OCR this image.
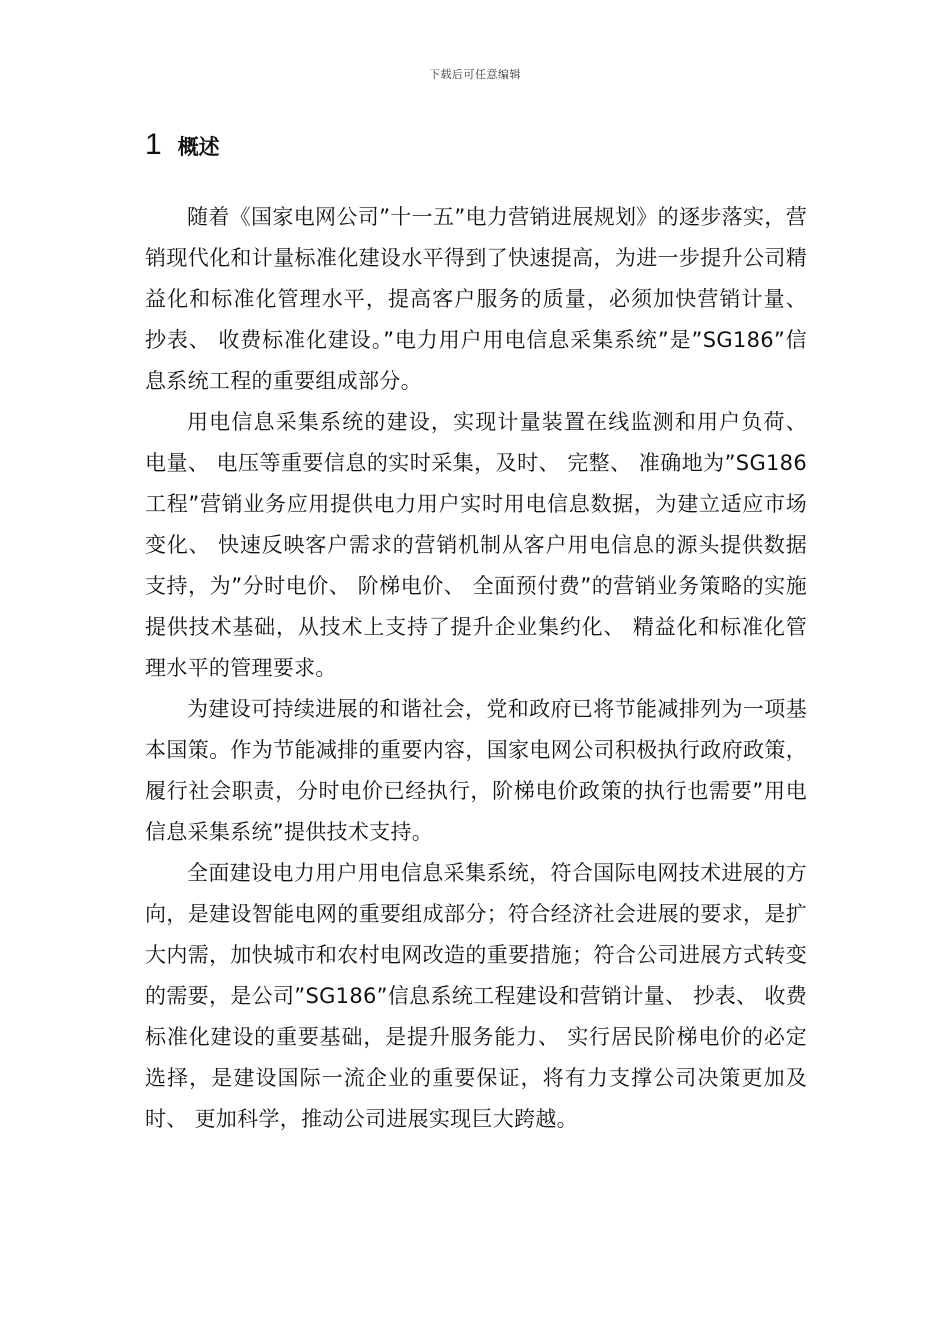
下载后可任意编辑
1 概述

随着《国家电网公司”十一五”电力营销进展规划》的逐步落实，营销现代化和计量标准化建设水平得到了快速提高，为进一步提升公司精益化和标准化管理水平，提高客户服务的质量，必须加快营销计量、 抄表、 收费标准化建设。”电力用户用电信息采集系统”是”SG186”信息系统工程的重要组成部分。

用电信息采集系统的建设，实现计量装置在线监测和用户负荷、 电量、 电压等重要信息的实时采集，及时、 完整、 准确地为”SG186工程”营销业务应用提供电力用户实时用电信息数据，为建立适应市场变化、 快速反映客户需求的营销机制从客户用电信息的源头提供数据支持，为”分时电价、 阶梯电价、 全面预付费”的营销业务策略的实施提供技术基础，从技术上支持了提升企业集约化、 精益化和标准化管理水平的管理要求。

为建设可持续进展的和谐社会，党和政府已将节能减排列为一项基本国策。作为节能减排的重要内容，国家电网公司积极执行政府政策，履行社会职责，分时电价已经执行，阶梯电价政策的执行也需要”用电信息采集系统”提供技术支持。

全面建设电力用户用电信息采集系统，符合国际电网技术进展的方向，是建设智能电网的重要组成部分；符合经济社会进展的要求，是扩大内需，加快城市和农村电网改造的重要措施；符合公司进展方式转变的需要，是公司”SG186”信息系统工程建设和营销计量、 抄表、 收费标准化建设的重要基础，是提升服务能力、 实行居民阶梯电价的必定选择，是建设国际一流企业的重要保证，将有力支撑公司决策更加及时、 更加科学，推动公司进展实现巨大跨越。
